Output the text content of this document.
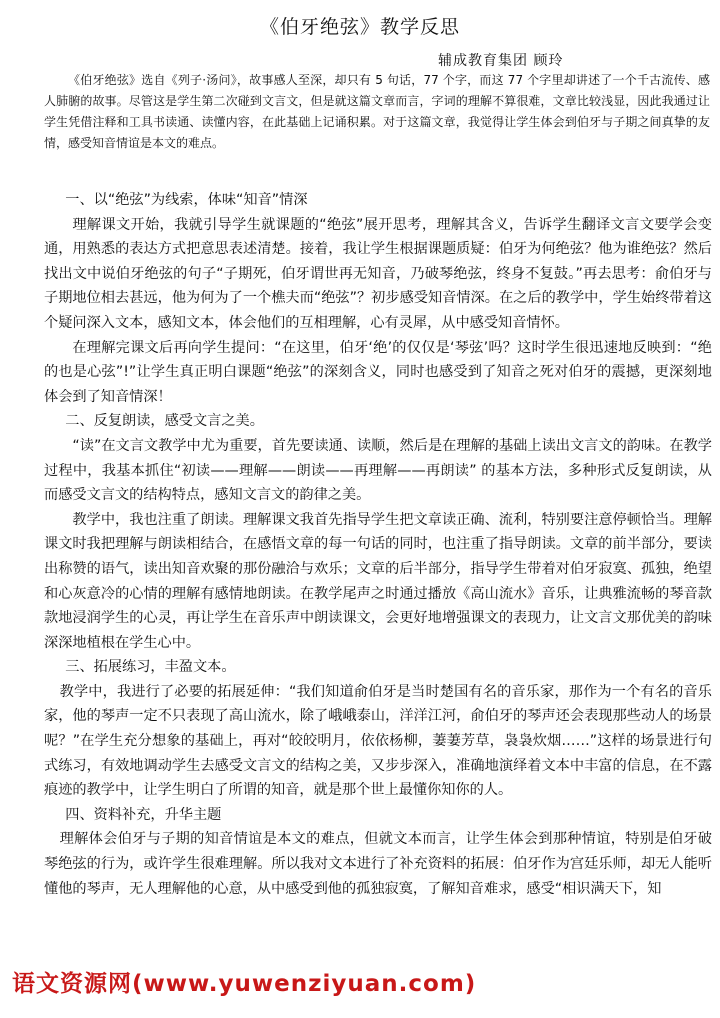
《伯牙绝弦》教学反思
辅成教育集团 顾玲

《伯牙绝弦》选自《列子·汤问》，故事感人至深，却只有 5 句话，77 个字，而这 77 个字里却讲述了一个千古流传、感人肺腑的故事。尽管这是学生第二次碰到文言文，但是就这篇文章而言，字词的理解不算很难，文章比较浅显，因此我通过让学生凭借注释和工具书读通、读懂内容，在此基础上记诵积累。对于这篇文章，我觉得让学生体会到伯牙与子期之间真挚的友情，感受知音情谊是本文的难点。

一、以“绝弦”为线索，体味“知音”情深

理解课文开始，我就引导学生就课题的“绝弦”展开思考，理解其含义，告诉学生翻译文言文要学会变通，用熟悉的表达方式把意思表述清楚。接着，我让学生根据课题质疑：伯牙为何绝弦？他为谁绝弦？然后找出文中说伯牙绝弦的句子“子期死，伯牙谓世再无知音，乃破琴绝弦，终身不复鼓。”再去思考：俞伯牙与子期地位相去甚远，他为何为了一个樵夫而“绝弦”？初步感受知音情深。在之后的教学中，学生始终带着这个疑问深入文本，感知文本，体会他们的互相理解，心有灵犀，从中感受知音情怀。

在理解完课文后再向学生提问：“在这里，伯牙‘绝’的仅仅是‘琴弦’吗？这时学生很迅速地反映到：“绝的也是心弦”!”让学生真正明白课题“绝弦”的深刻含义，同时也感受到了知音之死对伯牙的震撼，更深刻地体会到了知音情深！

二、反复朗读，感受文言之美。

“读”在文言文教学中尤为重要，首先要读通、读顺，然后是在理解的基础上读出文言文的韵味。在教学过程中，我基本抓住“初读——理解——朗读——再理解——再朗读” 的基本方法，多种形式反复朗读，从而感受文言文的结构特点，感知文言文的韵律之美。

教学中，我也注重了朗读。理解课文我首先指导学生把文章读正确、流利，特别要注意停顿恰当。理解课文时我把理解与朗读相结合，在感悟文章的每一句话的同时，也注重了指导朗读。文章的前半部分，要读出称赞的语气，读出知音欢聚的那份融洽与欢乐；文章的后半部分，指导学生带着对伯牙寂寞、孤独，绝望和心灰意冷的心情的理解有感情地朗读。在教学尾声之时通过播放《高山流水》音乐，让典雅流畅的琴音款款地浸润学生的心灵，再让学生在音乐声中朗读课文，会更好地增强课文的表现力，让文言文那优美的韵味深深地植根在学生心中。

三、拓展练习，丰盈文本。

教学中，我进行了必要的拓展延伸：“我们知道俞伯牙是当时楚国有名的音乐家，那作为一个有名的音乐家，他的琴声一定不只表现了高山流水，除了峨峨泰山，洋洋江河，俞伯牙的琴声还会表现那些动人的场景呢？”在学生充分想象的基础上，再对“皎皎明月，依依杨柳，萋萋芳草，袅袅炊烟……”这样的场景进行句式练习，有效地调动学生去感受文言文的结构之美，又步步深入，准确地演绎着文本中丰富的信息，在不露痕迹的教学中，让学生明白了所谓的知音，就是那个世上最懂你知你的人。

四、资料补充，升华主题

理解体会伯牙与子期的知音情谊是本文的难点，但就文本而言，让学生体会到那种情谊，特别是伯牙破琴绝弦的行为，或许学生很难理解。所以我对文本进行了补充资料的拓展：伯牙作为宫廷乐师，却无人能听懂他的琴声，无人理解他的心意，从中感受到他的孤独寂寞，了解知音难求，感受“相识满天下，知

语文资源网(www.yuwenziyuan.com)
